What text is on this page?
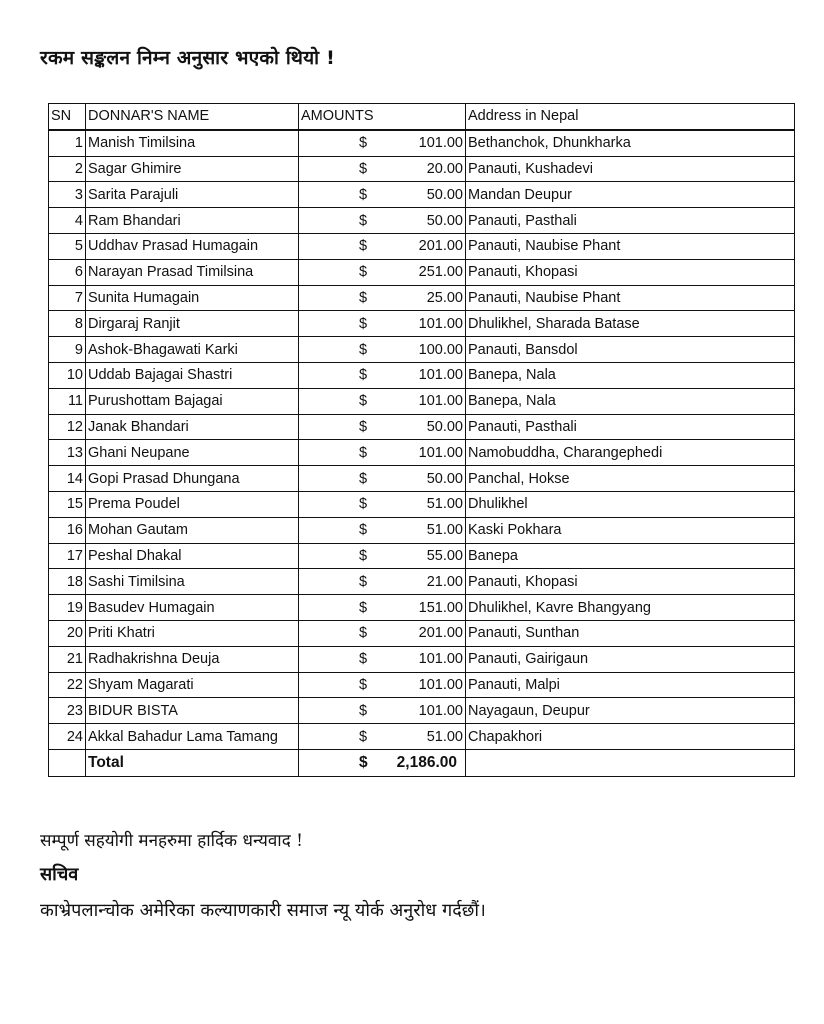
रकम सङ्कलन निम्न अनुसार भएको थियो !
SN	DONNAR'S NAME	AMOUNTS	Address in Nepal
1	Manish Timilsina	$ 101.00	Bethanchok, Dhunkharka
2	Sagar Ghimire	$ 20.00	Panauti, Kushadevi
3	Sarita Parajuli	$ 50.00	Mandan Deupur
4	Ram Bhandari	$ 50.00	Panauti, Pasthali
5	Uddhav Prasad Humagain	$ 201.00	Panauti, Naubise Phant
6	Narayan Prasad Timilsina	$ 251.00	Panauti, Khopasi
7	Sunita Humagain	$ 25.00	Panauti, Naubise Phant
8	Dirgaraj Ranjit	$ 101.00	Dhulikhel, Sharada Batase
9	Ashok-Bhagawati Karki	$ 100.00	Panauti, Bansdol
10	Uddab Bajagai Shastri	$ 101.00	Banepa, Nala
11	Purushottam Bajagai	$ 101.00	Banepa, Nala
12	Janak Bhandari	$ 50.00	Panauti, Pasthali
13	Ghani Neupane	$ 101.00	Namobuddha, Charangephedi
14	Gopi Prasad Dhungana	$ 50.00	Panchal, Hokse
15	Prema Poudel	$ 51.00	Dhulikhel
16	Mohan Gautam	$ 51.00	Kaski Pokhara
17	Peshal Dhakal	$ 55.00	Banepa
18	Sashi Timilsina	$ 21.00	Panauti, Khopasi
19	Basudev Humagain	$ 151.00	Dhulikhel, Kavre Bhangyang
20	Priti Khatri	$ 201.00	Panauti, Sunthan
21	Radhakrishna Deuja	$ 101.00	Panauti, Gairigaun
22	Shyam Magarati	$ 101.00	Panauti, Malpi
23	BIDUR BISTA	$ 101.00	Nayagaun, Deupur
24	Akkal Bahadur Lama Tamang	$ 51.00	Chapakhori
	Total	$ 2,186.00	

सम्पूर्ण सहयोगी मनहरुमा हार्दिक धन्यवाद !
सचिव
काभ्रेपलान्चोक अमेरिका कल्याणकारी समाज न्यू योर्क अनुरोध गर्दछौं।
